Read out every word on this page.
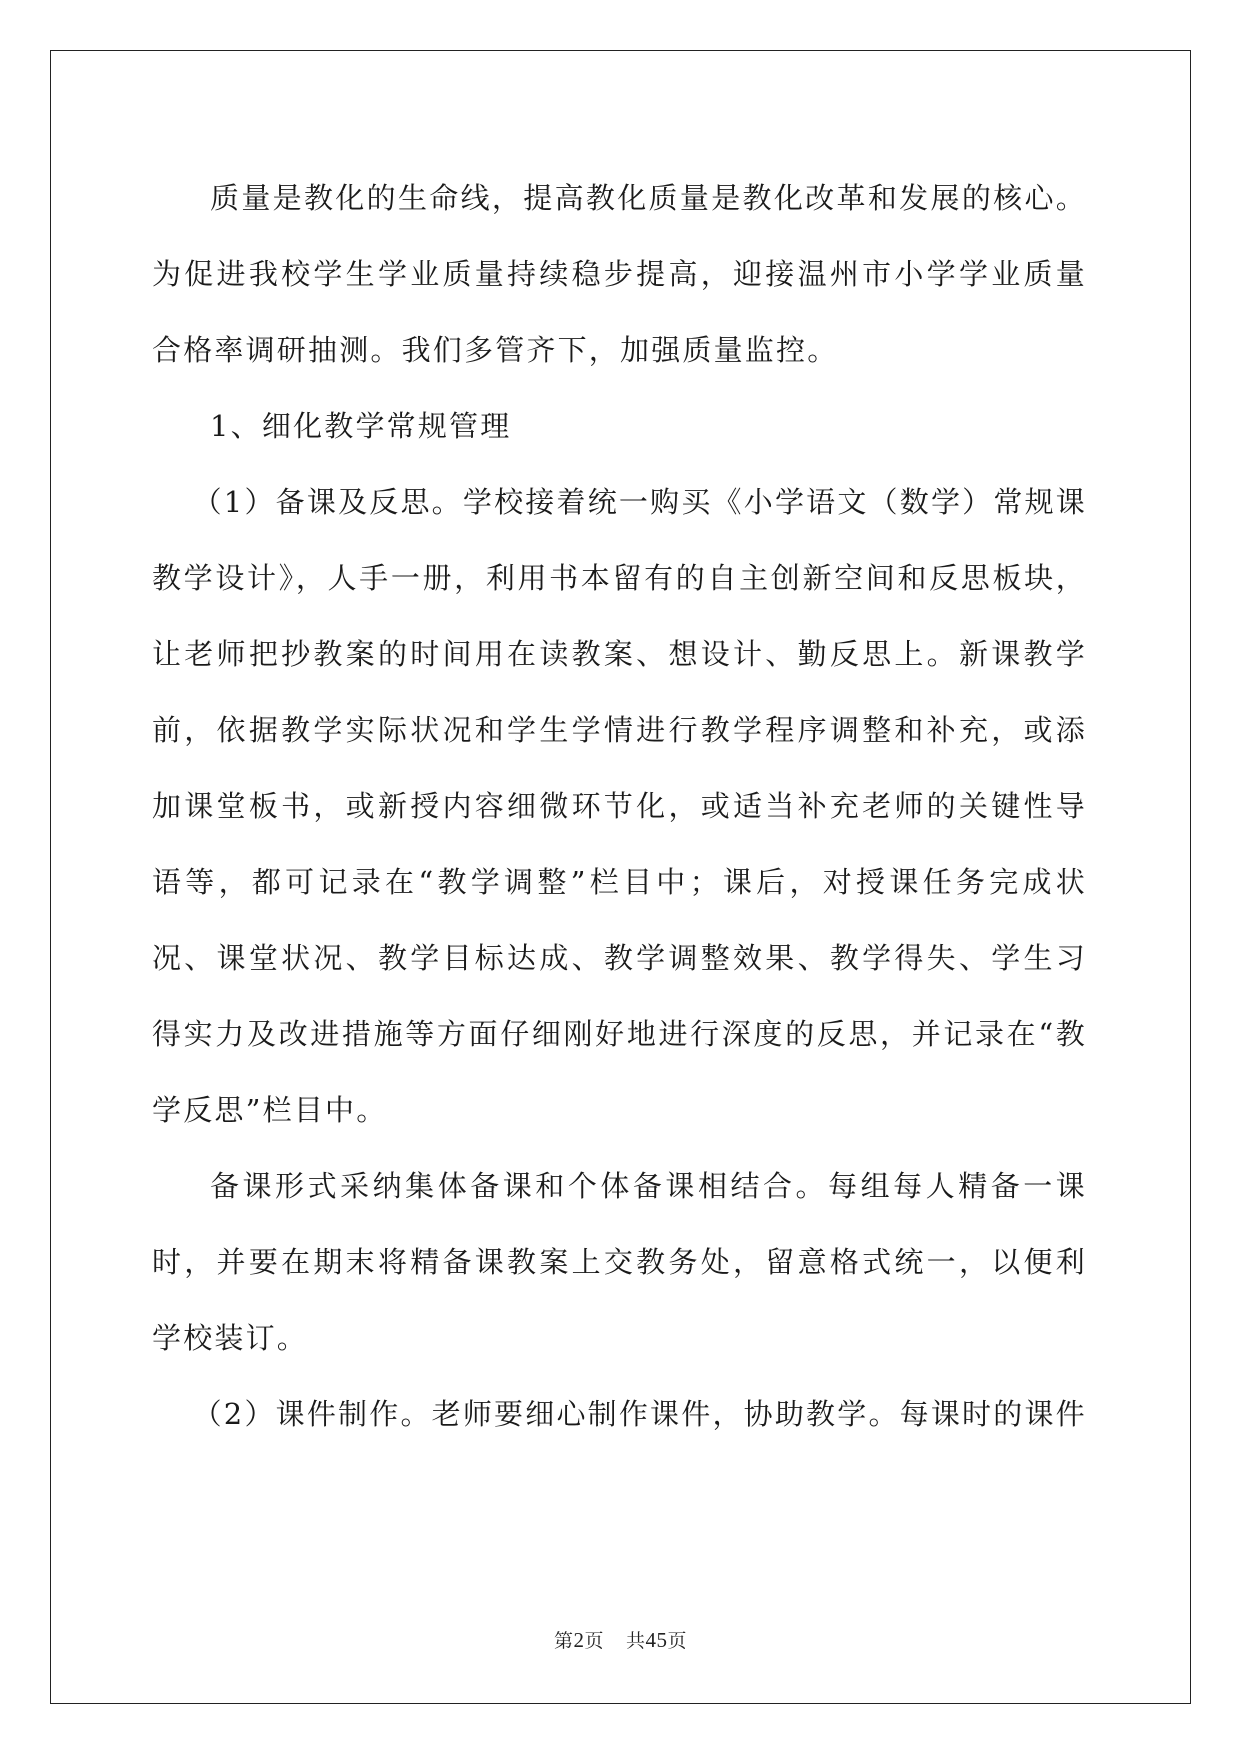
质量是教化的生命线，提高教化质量是教化改革和发展的核心。为促进我校学生学业质量持续稳步提高，迎接温州市小学学业质量合格率调研抽测。我们多管齐下，加强质量监控。

1、细化教学常规管理

（1）备课及反思。学校接着统一购买《小学语文（数学）常规课教学设计》，人手一册，利用书本留有的自主创新空间和反思板块，让老师把抄教案的时间用在读教案、想设计、勤反思上。新课教学前，依据教学实际状况和学生学情进行教学程序调整和补充，或添加课堂板书，或新授内容细微环节化，或适当补充老师的关键性导语等，都可记录在“教学调整”栏目中；课后，对授课任务完成状况、课堂状况、教学目标达成、教学调整效果、教学得失、学生习得实力及改进措施等方面仔细刚好地进行深度的反思，并记录在“教学反思”栏目中。

备课形式采纳集体备课和个体备课相结合。每组每人精备一课时，并要在期末将精备课教案上交教务处，留意格式统一，以便利学校装订。

（2）课件制作。老师要细心制作课件，协助教学。每课时的课件

第2页 共45页
